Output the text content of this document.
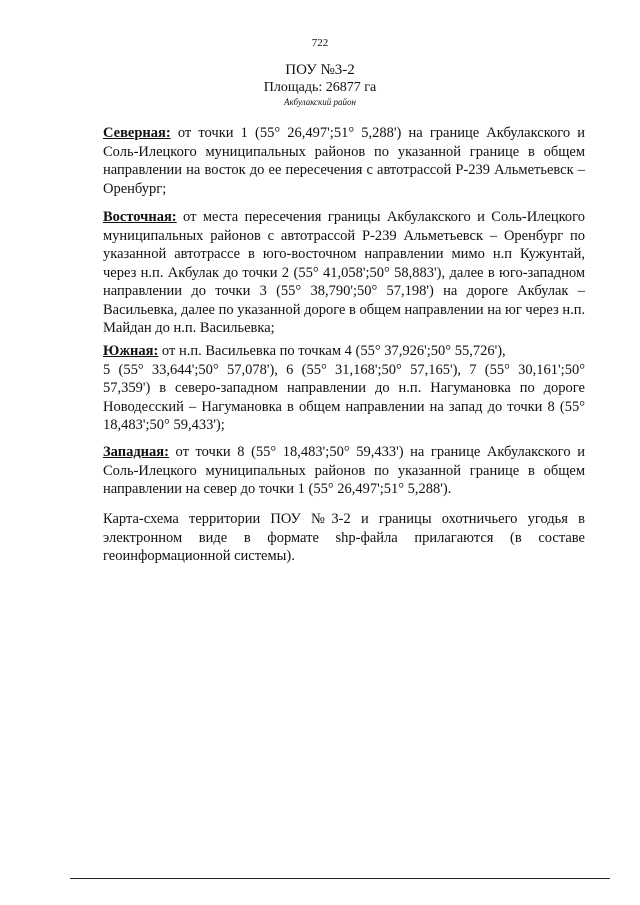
722
ПОУ №3-2
Площадь: 26877 га
Акбулакский район
Северная: от точки 1 (55° 26,497';51° 5,288') на границе Акбулакского и
Соль-Илецкого муниципальных районов по указанной границе в общем
направлении на восток до ее пересечения с автотрассой Р-239 Альметьевск –
Оренбург;
Восточная: от места пересечения границы Акбулакского и Соль-Илецкого
муниципальных районов с автотрассой Р-239 Альметьевск – Оренбург по
указанной автотрассе в юго-восточном направлении мимо н.п Кужунтай,
через н.п. Акбулак до точки 2 (55° 41,058';50° 58,883'), далее в юго-западном
направлении до точки 3 (55° 38,790';50° 57,198') на дороге Акбулак –
Васильевка, далее по указанной дороге в общем направлении на юг через н.п.
Майдан до н.п. Васильевка;
Южная: от н.п. Васильевка по точкам 4 (55° 37,926';50° 55,726'),
5 (55° 33,644';50° 57,078'), 6 (55° 31,168';50° 57,165'), 7 (55° 30,161';50°
57,359') в северо-западном направлении до н.п. Нагумановка по дороге
Новодесский – Нагумановка в общем направлении на запад до точки 8 (55°
18,483';50° 59,433');
Западная: от точки 8 (55° 18,483';50° 59,433') на границе Акбулакского и
Соль-Илецкого муниципальных районов по указанной границе в общем
направлении на север до точки 1 (55° 26,497';51° 5,288').
Карта-схема территории ПОУ №3-2 и границы охотничьего угодья в
электронном виде в формате shp-файла прилагаются (в составе
геоинформационной системы).
